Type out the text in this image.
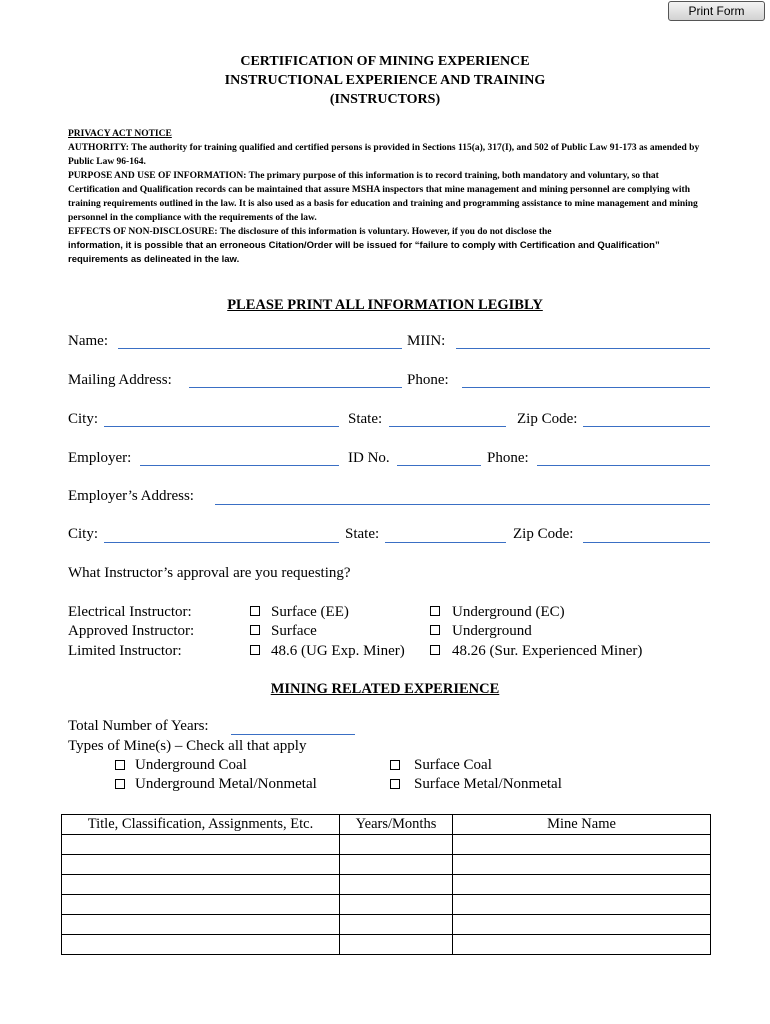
Print Form
CERTIFICATION OF MINING EXPERIENCE
INSTRUCTIONAL EXPERIENCE AND TRAINING
(INSTRUCTORS)

PRIVACY ACT NOTICE

AUTHORITY: The authority for training qualified and certified persons is provided in Sections 115(a), 317(I), and 502 of Public Law 91-173 as amended by Public Law 96-164.

PURPOSE AND USE OF INFORMATION: The primary purpose of this information is to record training, both mandatory and voluntary, so that Certification and Qualification records can be maintained that assure MSHA inspectors that mine management and mining personnel are complying with training requirements outlined in the law. It is also used as a basis for education and training and programming assistance to mine management and mining personnel in the compliance with the requirements of the law.

EFFECTS OF NON-DISCLOSURE: The disclosure of this information is voluntary. However, if you do not disclose the

information, it is possible that an erroneous Citation/Order will be issued for “failure to comply with Certification and Qualification” requirements as delineated in the law.

PLEASE PRINT ALL INFORMATION LEGIBLY
Name:	MIIN:
Mailing Address:	Phone:
City:	State:	Zip Code:
Employer:	ID No.	Phone:
Employer’s Address:
City:	State:	Zip Code:
What Instructor’s approval are you requesting?
Electrical Instructor:	Surface (EE)	Underground (EC)
Approved Instructor:	Surface	Underground
Limited Instructor:	48.6 (UG Exp. Miner)	48.26 (Sur. Experienced Miner)
MINING RELATED EXPERIENCE
Total Number of Years:
Types of Mine(s) – Check all that apply
Underground Coal	Surface Coal
Underground Metal/Nonmetal	Surface Metal/Nonmetal
Title, Classification, Assignments, Etc.	Years/Months	Mine Name
